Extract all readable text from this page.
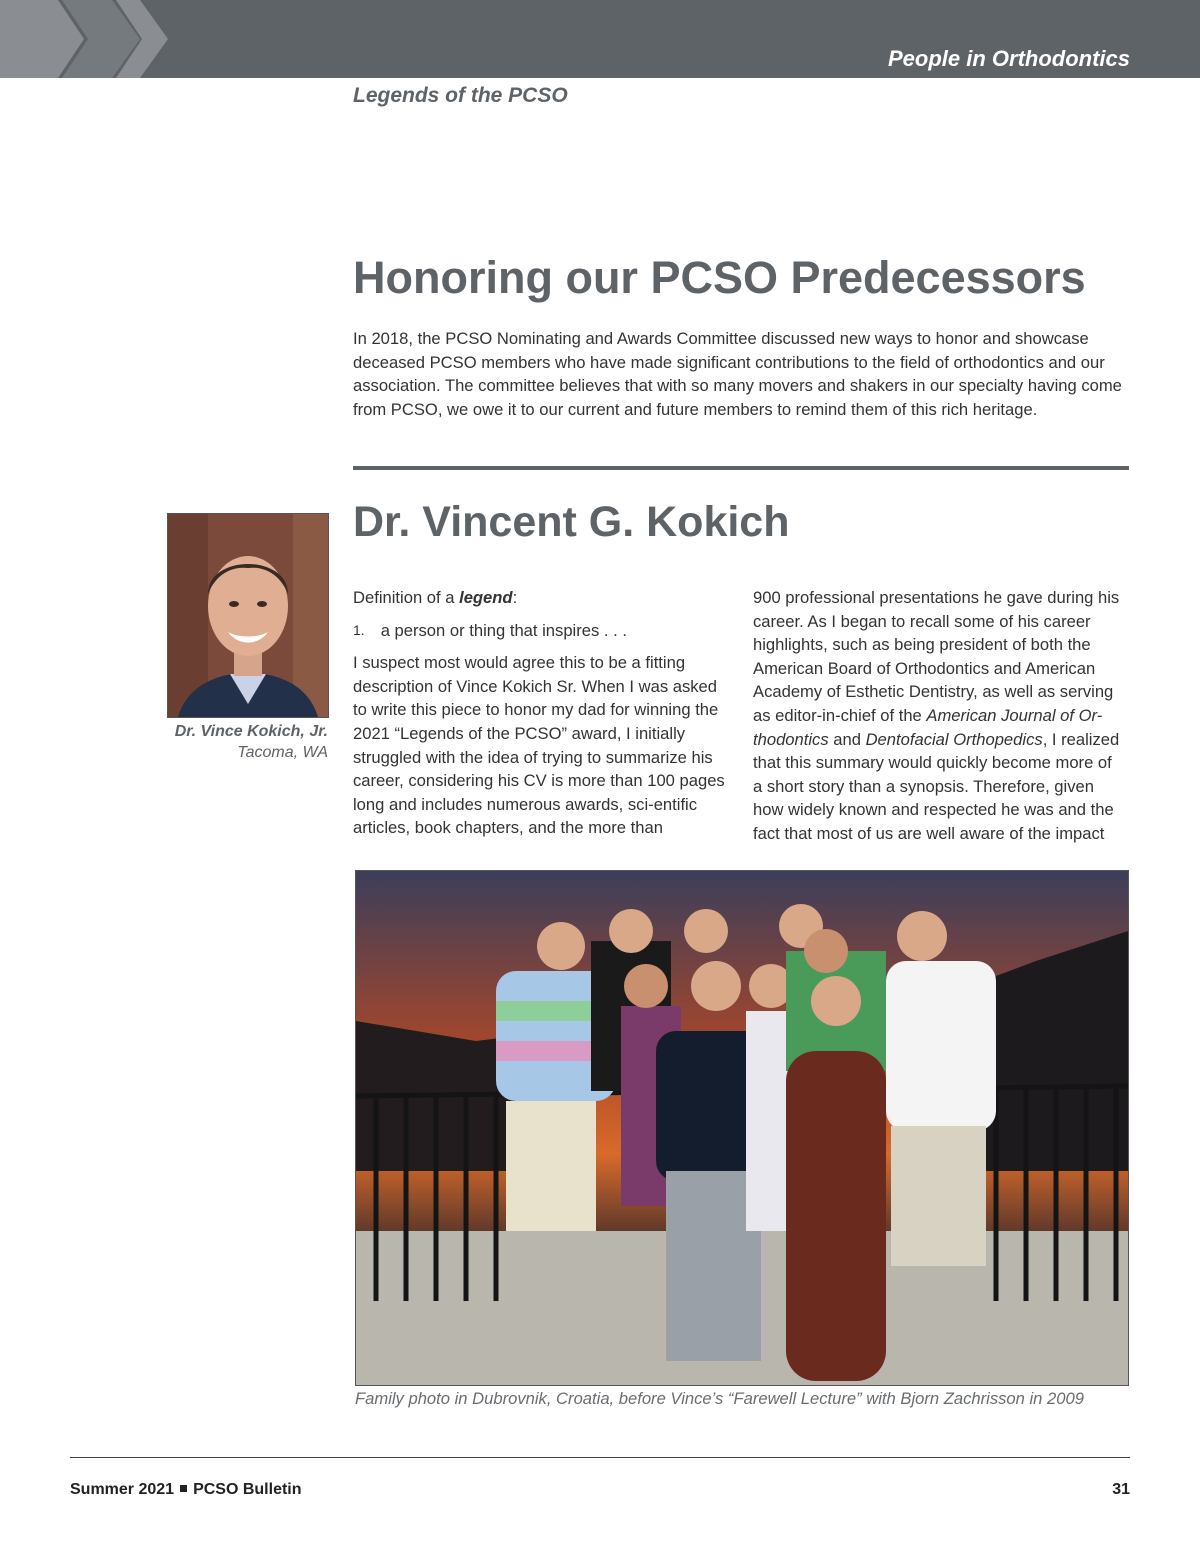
People in Orthodontics
Legends of the PCSO
Honoring our PCSO Predecessors

In 2018, the PCSO Nominating and Awards Committee discussed new ways to honor and showcase deceased PCSO members who have made significant contributions to the field of orthodontics and our association. The committee believes that with so many movers and shakers in our specialty having come from PCSO, we owe it to our current and future members to remind them of this rich heritage.

Dr. Vincent G. Kokich
Dr. Vince Kokich, Jr.
Tacoma, WA

Definition of a legend:

1. a person or thing that inspires . . .

I suspect most would agree this to be a fitting description of Vince Kokich Sr. When I was asked to write this piece to honor my dad for winning the 2021 “Legends of the PCSO” award, I initially struggled with the idea of trying to summarize his career, considering his CV is more than 100 pages long and includes numerous awards, sci-entific articles, book chapters, and the more than

900 professional presentations he gave during his career. As I began to recall some of his career highlights, such as being president of both the American Board of Orthodontics and American Academy of Esthetic Dentistry, as well as serving as editor-in-chief of the American Journal of Or-thodontics and Dentofacial Orthopedics, I realized that this summary would quickly become more of a short story than a synopsis. Therefore, given how widely known and respected he was and the fact that most of us are well aware of the impact

Family photo in Dubrovnik, Croatia, before Vince’s “Farewell Lecture” with Bjorn Zachrisson in 2009
Summer 2021 PCSO Bulletin	31
